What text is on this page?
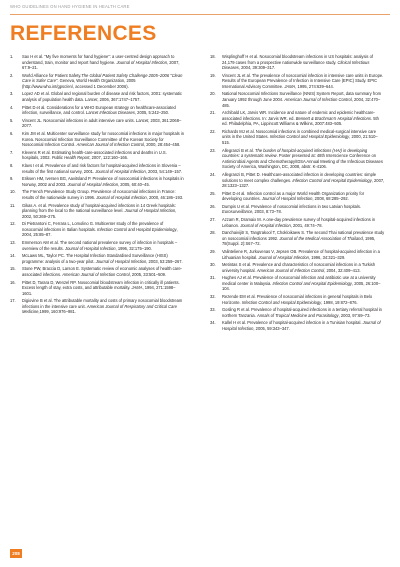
WHO GUIDELINES ON HAND HYGIENE IN HEALTH CARE
REFERENCES
1.	Sax H et al. "My five moments for hand hygiene": a user-centred design approach to understand, train, monitor and report hand hygiene. Journal of Hospital Infection, 2007, 67:9–21.
2.	World Alliance for Patient Safety.The Global Patient Safety Challenge 2005–2006 "Clean Care is Safer Care". Geneva, World Health Organization, 2005 (http://www.who.int/gpsc/en/, accessed 1 December 2006).
3.	Lopez AD et al. Global and regional burden of disease and risk factors, 2001: systematic analysis of population health data. Lancet, 2006, 367:1747–1757.
4.	Pittet D et al. Considerations for a WHO European strategy on healthcare-associated infection, surveillance, and control. Lancet Infectious Diseases, 2005, 5:242–250.
5.	Vincent JL. Nosocomial infections in adult intensive care units. Lancet, 2003, 361:2068–2077.
6.	Kim JM et al. Multicenter surveillance study for nosocomial infections in major hospitals in Korea. Nosocomial Infection Surveillance Committee of the Korean Society for Nosocomial Infection Control. American Journal of Infection Control, 2000, 28:454–458.
7.	Klevens R et al. Estimating health-care-associated infections and deaths in U.S. hospitals, 2002. Public Health Report, 2007, 122:160–166.
8.	Klavs I et al. Prevalence of and risk factors for hospital-acquired infections in Slovenia – results of the first national survey, 2001. Journal of Hospital Infection, 2003, 54:149–157.
9.	Eriksen HM, Iversen BG, Aavitsland P. Prevalence of nosocomial infections in hospitals in Norway, 2002 and 2003. Journal of Hospital Infection, 2005, 60:40–45.
10.	The French Prevalence Study Group. Prevalence of nosocomial infections in France: results of the nationwide survey in 1996. Journal of Hospital Infection, 2000, 46:186–193.
11.	Gikas A. et al. Prevalence study of hospital-acquired infections in 14 Greek hospitals: planning from the local to the national surveillance level. Journal of Hospital Infection, 2002, 50:269–275.
12.	Di Pietrantoni C, Ferrara L, Lomolino G. Multicenter study of the prevalence of nosocomial infections in Italian hospitals. Infection Control and Hospital Epidemiology, 2004, 25:85–87.
13.	Emmerson AM et al. The second national prevalence survey of infection in hospitals – overview of the results. Journal of Hospital Infection, 1996, 32:175–190.
14.	McLaws ML, Taylor PC. The Hospital Infection Standardised Surveillance (HISS) programme: analysis of a two-year pilot. Journal of Hospital Infection, 2003, 53:259–267.
15.	Stone PW, Braccia D, Larson E. Systematic review of economic analyses of health care-associated infections. American Journal of Infection Control, 2005, 33:501–509.
16.	Pittet D, Tarara D, Wenzel RP. Nosocomial bloodstream infection in critically ill patients. Excess length of stay, extra costs, and attributable mortality. JAMA, 1994, 271:1598–1601.
17.	Digiovine B et al. The attributable mortality and costs of primary nosocomial bloodstream infections in the intensive care unit. American Journal of Respiratory and Critical Care Medicine,1999, 160:976–981.
18.	Wisplinghoff H et al. Nosocomial bloodstream infections in US hospitals: analysis of 24,179 cases from a prospective nationwide surveillance study. Clinical Infectious Diseases, 2004, 39:309–317.
19.	Vincent JL et al. The prevalence of nosocomial infection in intensive care units in Europe. Results of the European Prevalence of Infection in Intensive Care (EPIC) Study. EPIC International Advisory Committee. JAMA, 1995, 274:639–644.
20.	National Nosocomial Infections Surveillance (NNIS) System Report, data summary from January 1992 through June 2004. American Journal of Infection Control, 2004, 32:470–485.
21.	Archibald LK, Jarvis WR. Incidence and nature of endemic and epidemic healthcare-associated infections. In: Jarvis WR. ed. Bennett & Brachman's Hospital Infections. 5th ed. Philadelphia, PA, Lippincott Williams & Wilkins, 2007:483–505.
22.	Richards MJ et al. Nosocomial infections in combined medical-surgical intensive care units in the United States. Infection Control and Hospital Epidemiology, 2000, 21:510–515.
23.	Allegranzi B et al. The burden of hospital-acquired infections (HAI) in developing countries: a systematic review. Poster presented at: 48th Interscience Conference on Antimicrobial Agents and Chemotherapy/IDSA Annual Meeting of the Infectious Diseases Society of America, Washington, DC, 2008, abstr. K-4106.
24.	Allegranzi B, Pittet D. Healthcare-associated infection in developing countries: simple solutions to meet complex challenges. Infection Control and Hospital Epidemiology, 2007, 28:1323–1327.
25.	Pittet D et al. Infection control as a major World Health Organization priority for developing countries. Journal of Hospital Infection, 2008, 68:285–292.
26.	Dumpis U et al. Prevalence of nosocomial infections in two Latvian hospitals. Eurosurveillance, 2003, 8:73–78.
27.	Azzam R, Dramaix M. A one-day prevalence survey of hospital-acquired infections in Lebanon. Journal of Hospital Infection, 2001, 49:74–78.
28.	Danchaivijitr S, Tangtrakool T, Chokloikaew S. The second Thai national prevalence study on nosocomial infections 1992. Journal of the Medical Association of Thailand, 1995, 78(Suppl. 2):S67–72.
29.	Valinteliene R, Jurkuvenas V, Jepsen OB. Prevalence of hospital-acquired infection in a Lithuanian hospital. Journal of Hospital Infection, 1996, 34:321–329.
30.	Metintas S et al. Prevalence and characteristics of nosocomial infections in a Turkish university hospital. American Journal of Infection Control, 2004, 32:409–413.
31.	Hughes AJ et al. Prevalence of nosocomial infection and antibiotic use at a university medical center in Malaysia. Infection Control and Hospital Epidemiology, 2005, 26:100–104.
32.	Rezende EM et al. Prevalence of nosocomial infections in general hospitals in Belo Horizonte. Infection Control and Hospital Epidemiology, 1998, 19:872–876.
33.	Gosling R et al. Prevalence of hospital-acquired infections in a tertiary referral hospital in northern Tanzania. Annals of Tropical Medicine and Parasitology, 2003, 97:69–73.
34.	Kallel H et al. Prevalence of hospital-acquired infection in a Tunisian hospital. Journal of Hospital Infection, 2005, 59:343–347.
208
